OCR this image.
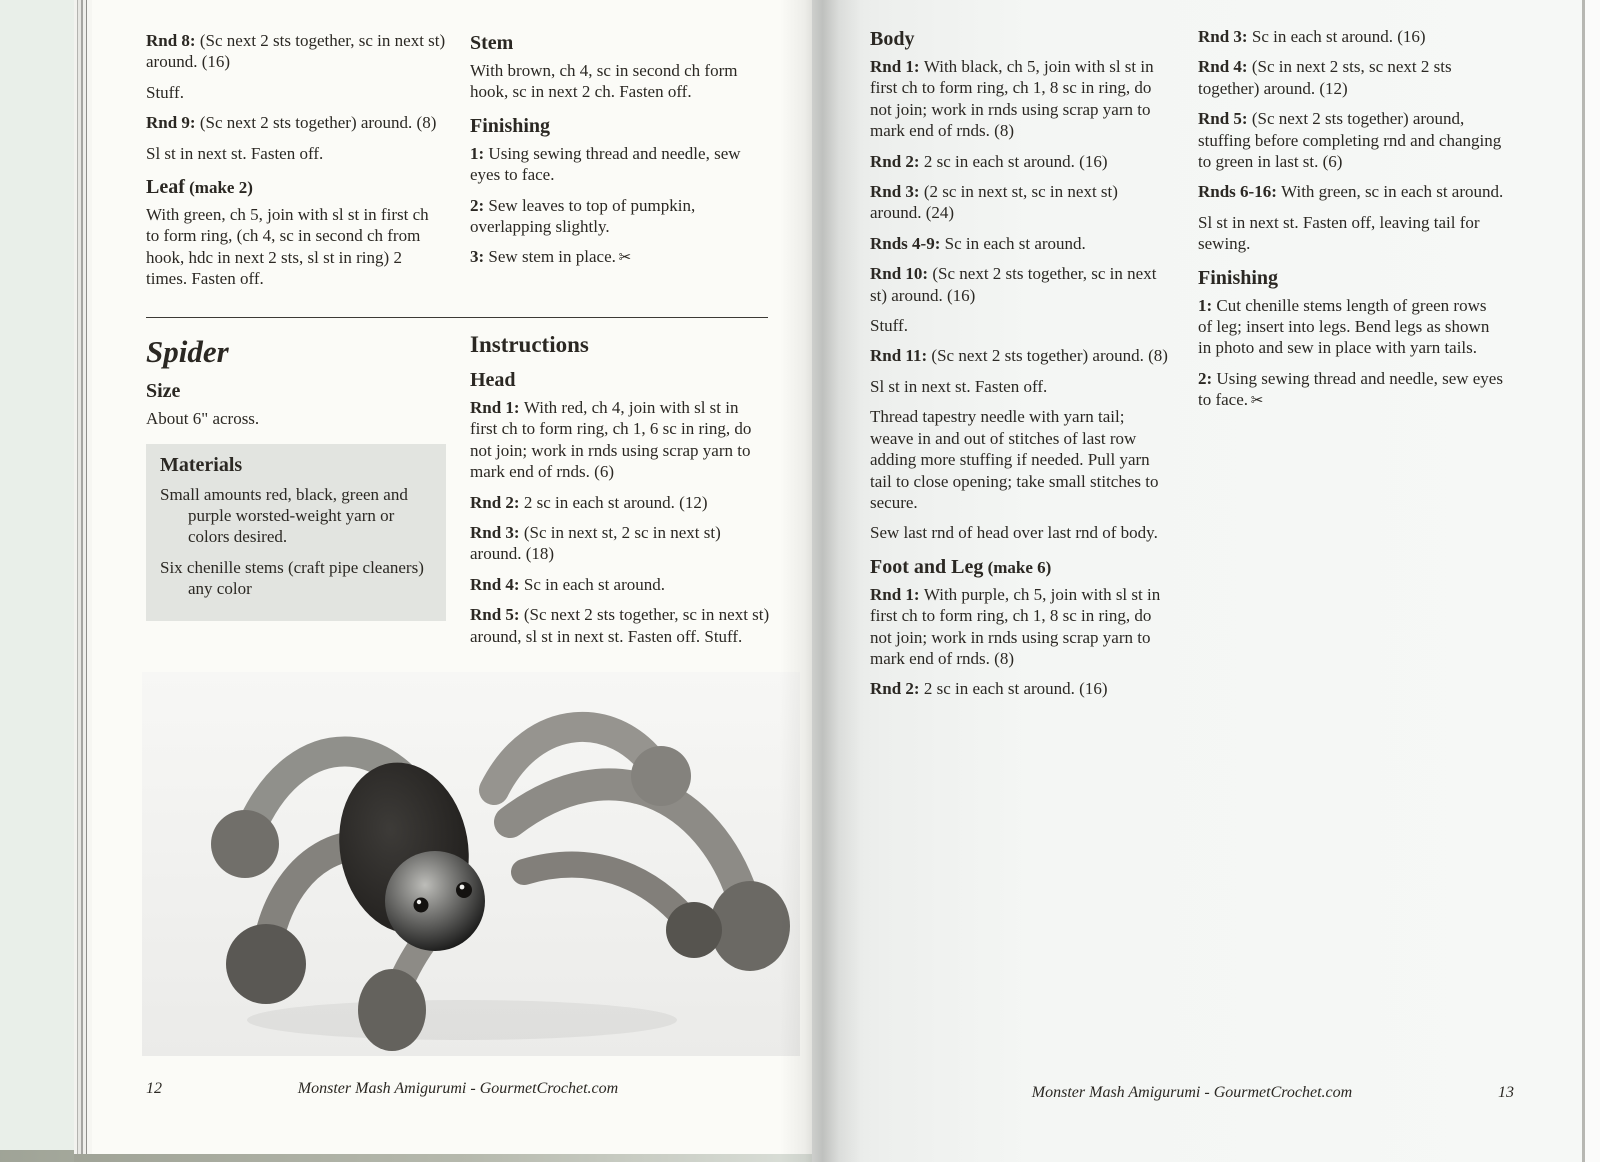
Rnd 8: (Sc next 2 sts together, sc in next st) around. (16)

Stuff.

Rnd 9: (Sc next 2 sts together) around. (8)

Sl st in next st. Fasten off.

Leaf (make 2)

With green, ch 5, join with sl st in first ch to form ring, (ch 4, sc in second ch from hook, hdc in next 2 sts, sl st in ring) 2 times. Fasten off.

Stem

With brown, ch 4, sc in second ch form hook, sc in next 2 ch. Fasten off.

Finishing

1: Using sewing thread and needle, sew eyes to face.

2: Sew leaves to top of pumpkin, overlapping slightly.

3: Sew stem in place. ✂

Spider
Size

About 6" across.

Materials

Small amounts red, black, green and purple worsted-weight yarn or colors desired.

Six chenille stems (craft pipe cleaners) any color

Instructions
Head

Rnd 1: With red, ch 4, join with sl st in first ch to form ring, ch 1, 6 sc in ring, do not join; work in rnds using scrap yarn to mark end of rnds. (6)

Rnd 2: 2 sc in each st around. (12)

Rnd 3: (Sc in next st, 2 sc in next st) around. (18)

Rnd 4: Sc in each st around.

Rnd 5: (Sc next 2 sts together, sc in next st) around, sl st in next st. Fasten off. Stuff.

12	Monster Mash Amigurumi - GourmetCrochet.com
Body

Rnd 1: With black, ch 5, join with sl st in first ch to form ring, ch 1, 8 sc in ring, do not join; work in rnds using scrap yarn to mark end of rnds. (8)

Rnd 2: 2 sc in each st around. (16)

Rnd 3: (2 sc in next st, sc in next st) around. (24)

Rnds 4-9: Sc in each st around.

Rnd 10: (Sc next 2 sts together, sc in next st) around. (16)

Stuff.

Rnd 11: (Sc next 2 sts together) around. (8)

Sl st in next st. Fasten off.

Thread tapestry needle with yarn tail; weave in and out of stitches of last row adding more stuffing if needed. Pull yarn tail to close opening; take small stitches to secure.

Sew last rnd of head over last rnd of body.

Foot and Leg (make 6)

Rnd 1: With purple, ch 5, join with sl st in first ch to form ring, ch 1, 8 sc in ring, do not join; work in rnds using scrap yarn to mark end of rnds. (8)

Rnd 2: 2 sc in each st around. (16)

Rnd 3: Sc in each st around. (16)

Rnd 4: (Sc in next 2 sts, sc next 2 sts together) around. (12)

Rnd 5: (Sc next 2 sts together) around, stuffing before completing rnd and changing to green in last st. (6)

Rnds 6-16: With green, sc in each st around.

Sl st in next st. Fasten off, leaving tail for sewing.

Finishing

1: Cut chenille stems length of green rows of leg; insert into legs. Bend legs as shown in photo and sew in place with yarn tails.

2: Using sewing thread and needle, sew eyes to face. ✂

Monster Mash Amigurumi - GourmetCrochet.com	13
